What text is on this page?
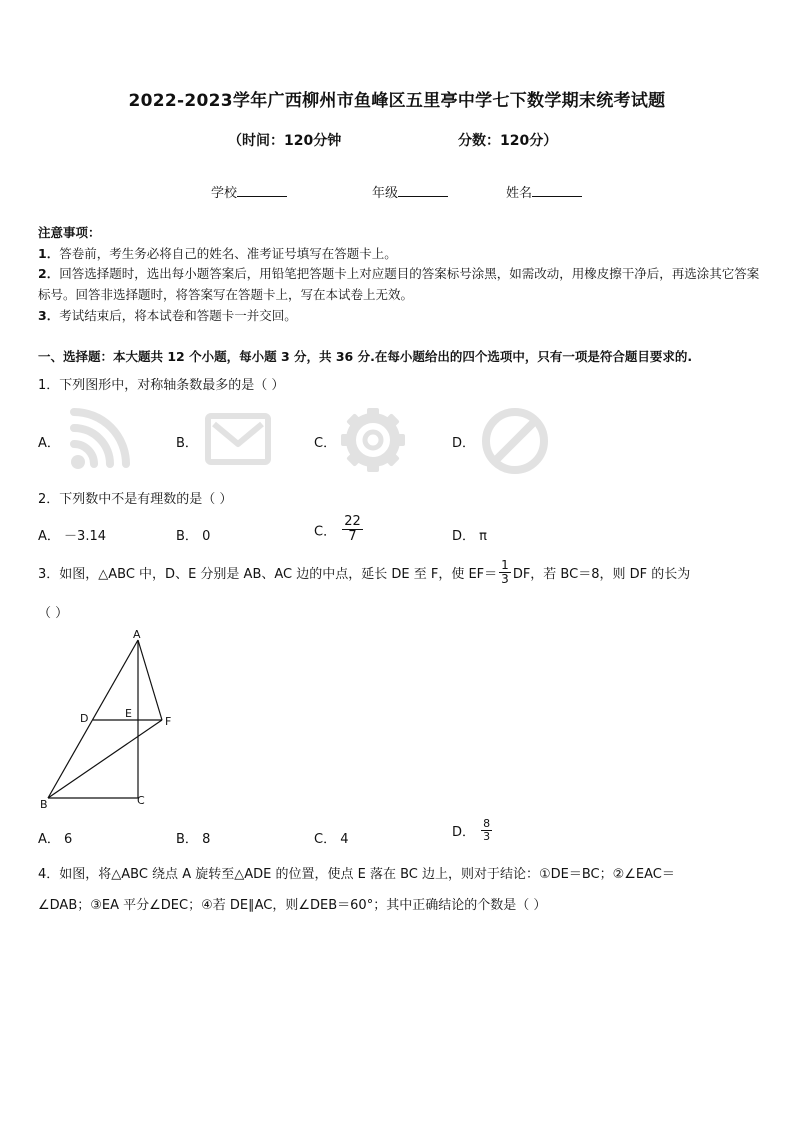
2022-2023学年广西柳州市鱼峰区五里亭中学七下数学期末统考试题
（时间：120分钟	分数：120分）
学校	年级	姓名
注意事项：
1．答卷前，考生务必将自己的姓名、准考证号填写在答题卡上。
2．回答选择题时，选出每小题答案后，用铅笔把答题卡上对应题目的答案标号涂黑，如需改动，用橡皮擦干净后，再选涂其它答案标号。回答非选择题时，将答案写在答题卡上，写在本试卷上无效。
3．考试结束后，将本试卷和答题卡一并交回。
一、选择题：本大题共 12 个小题，每小题 3 分，共 36 分.在每小题给出的四个选项中，只有一项是符合题目要求的.
1．下列图形中，对称轴条数最多的是（ ）
A．	B．	C．	D．
2．下列数中不是有理数的是（ ）
A． －3.14	B． 0	C． $\frac{22}{7}$	D． π
3．如图，△ABC 中，D、E 分别是 AB、AC 边的中点，延长 DE 至 F，使 $EF= \frac{1}{3}$ DF，若 BC＝8，则 DF 的长为
（ ）
A
D	E
F
B	C
A． 6	B． 8	C． 4	D． $\frac{8}{3}$
4．如图，将△ABC 绕点 A 旋转至△ADE 的位置，使点 E 落在 BC 边上，则对于结论：①DE＝BC；②∠EAC＝
∠DAB；③EA 平分∠DEC；④若 DE∥AC，则∠DEB＝60°；其中正确结论的个数是（ ）
